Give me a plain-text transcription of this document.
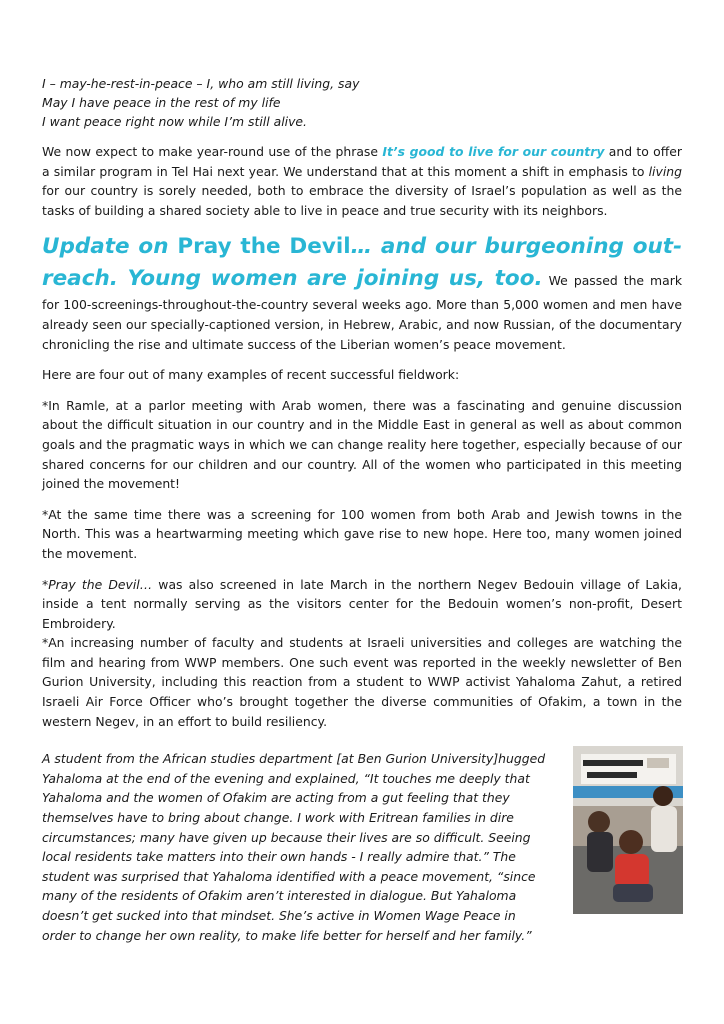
I – may-he-rest-in-peace – I, who am still living, say
May I have peace in the rest of my life
I want peace right now while I’m still alive.

We now expect to make year-round use of the phrase It’s good to live for our country and to offer a similar program in Tel Hai next year. We understand that at this moment a shift in emphasis to living for our country is sorely needed, both to embrace the diversity of Israel’s population as well as the tasks of building a shared society able to live in peace and true security with its neighbors.

Update on Pray the Devil… and our burgeoning out-reach. Young women are joining us, too. We passed the mark for 100-screenings-throughout-the-country several weeks ago. More than 5,000 women and men have already seen our specially-captioned version, in Hebrew, Arabic, and now Russian, of the documentary chronicling the rise and ultimate success of the Liberian women’s peace movement.

Here are four out of many examples of recent successful fieldwork:

*In Ramle, at a parlor meeting with Arab women, there was a fascinating and genuine discussion about the difficult situation in our country and in the Middle East in general as well as about common goals and the pragmatic ways in which we can change reality here together, especially because of our shared concerns for our children and our country. All of the women who participated in this meeting joined the movement!

*At the same time there was a screening for 100 women from both Arab and Jewish towns in the North. This was a heartwarming meeting which gave rise to new hope. Here too, many women joined the movement.

*Pray the Devil… was also screened in late March in the northern Negev Bedouin village of Lakia, inside a tent normally serving as the visitors center for the Bedouin women’s non-profit, Desert Embroidery.

*An increasing number of faculty and students at Israeli universities and colleges are watching the film and hearing from WWP members. One such event was reported in the weekly newsletter of Ben Gurion University, including this reaction from a student to WWP activist Yahaloma Zahut, a retired Israeli Air Force Officer who’s brought together the diverse communities of Ofakim, a town in the western Negev, in an effort to build resiliency.

A student from the African studies department [at Ben Gurion University]hugged Yahaloma at the end of the evening and explained, “It touches me deeply that Yahaloma and the women of Ofakim are acting from a gut feeling that they themselves have to bring about change. I work with Eritrean families in dire circumstances; many have given up because their lives are so difficult. Seeing local residents take matters into their own hands - I really admire that.” The student was surprised that Yahaloma identified with a peace movement, “since many of the residents of Ofakim aren’t interested in dialogue. But Yahaloma doesn’t get sucked into that mindset. She’s active in Women Wage Peace in order to change her own reality, to make life better for herself and her family.”
